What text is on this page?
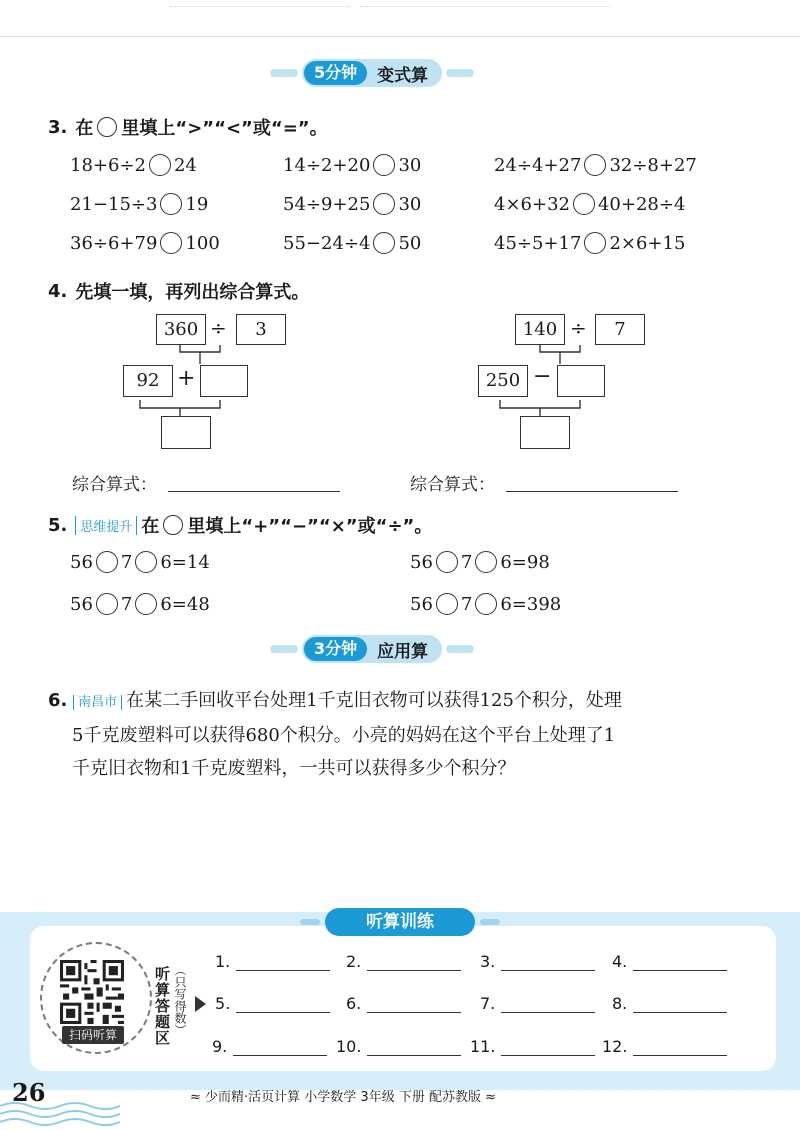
5分钟	变式算
3. 在 里填上“>”“<”或“=”。
18+6÷2 24	14÷2+20 30	24÷4+27 32÷8+27
21−15÷3 19	54÷9+25 30	4×6+32 40+28÷4
36÷6+79 100	55−24÷4 50	45÷5+17 2×6+15
4. 先填一填，再列出综合算式。
360 ÷	3
92 +
140 ÷	7
250 −
综合算式：	综合算式：
5.	思维提升 在 里填上“+”“−”“×”或“÷”。
56 7 6=14	56 7 6=98
56 7 6=48	56 7 6=398
3分钟	应用算
6. 南昌市 在某二手回收平台处理1千克旧衣物可以获得125个积分，处理
5千克废塑料可以获得680个积分。小亮的妈妈在这个平台上处理了1
千克旧衣物和1千克废塑料，一共可以获得多少个积分？
听算训练
扫码听算	听算答题区 （只写得数）
1.	2.	3.	4.
5.	6.	7.	8.
9.	10.	11.	12.
26	≈ 少而精·活页计算 小学数学 3年级 下册 配苏教版 ≈
